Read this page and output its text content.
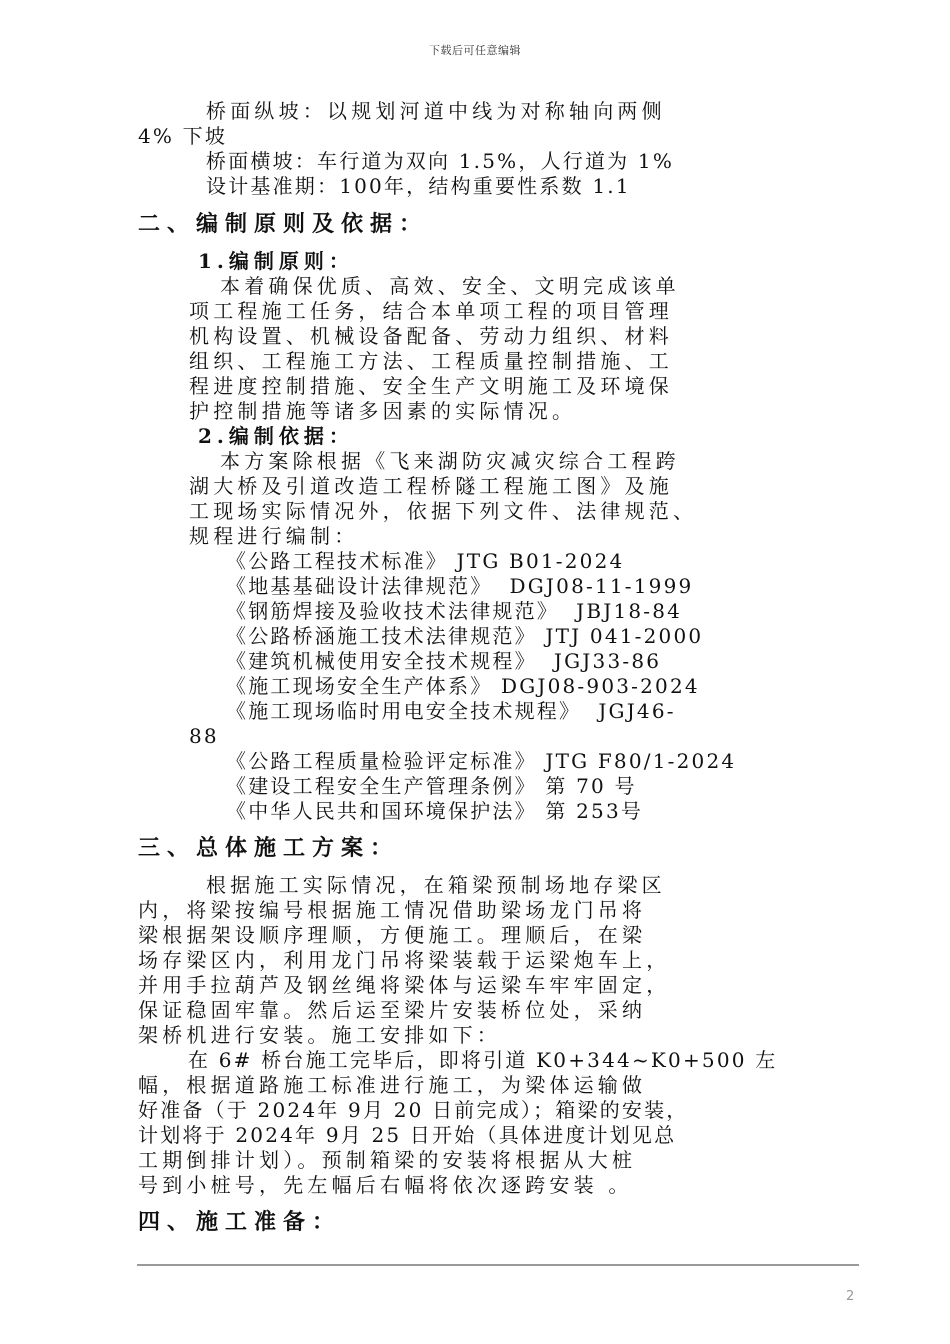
下载后可任意编辑
桥面纵坡：以规划河道中线为对称轴向两侧
4% 下坡
桥面横坡：车行道为双向 1.5%，人行道为 1%
设计基准期：100年，结构重要性系数 1.1
二、编制原则及依据：
1.编制原则：
本着确保优质、高效、安全、文明完成该单
项工程施工任务，结合本单项工程的项目管理
机构设置、机械设备配备、劳动力组织、材料
组织、工程施工方法、工程质量控制措施、工
程进度控制措施、安全生产文明施工及环境保
护控制措施等诸多因素的实际情况。
2.编制依据：
本方案除根据《飞来湖防灾减灾综合工程跨
湖大桥及引道改造工程桥隧工程施工图》及施
工现场实际情况外，依据下列文件、法律规范、
规程进行编制：
《公路工程技术标准》 JTG B01-2024
《地基基础设计法律规范》  DGJ08-11-1999
《钢筋焊接及验收技术法律规范》  JBJ18-84
《公路桥涵施工技术法律规范》 JTJ 041-2000
《建筑机械使用安全技术规程》  JGJ33-86
《施工现场安全生产体系》 DGJ08-903-2024
《施工现场临时用电安全技术规程》  JGJ46-
88
《公路工程质量检验评定标准》 JTG F80/1-2024
《建设工程安全生产管理条例》 第 70 号
《中华人民共和国环境保护法》 第 253号
三、总体施工方案：
根据施工实际情况，在箱梁预制场地存梁区
内，将梁按编号根据施工情况借助梁场龙门吊将
梁根据架设顺序理顺，方便施工。理顺后，在梁
场存梁区内，利用龙门吊将梁装载于运梁炮车上，
并用手拉葫芦及钢丝绳将梁体与运梁车牢牢固定，
保证稳固牢靠。然后运至梁片安装桥位处，采纳
架桥机进行安装。施工安排如下：
在 6# 桥台施工完毕后，即将引道 K0+344~K0+500 左
幅，根据道路施工标准进行施工，为梁体运输做
好准备（于 2024年 9月 20 日前完成）；箱梁的安装，
计划将于 2024年 9月 25 日开始（具体进度计划见总
工期倒排计划）。预制箱梁的安装将根据从大桩
号到小桩号，先左幅后右幅将依次逐跨安装 。
四、施工准备：
2
